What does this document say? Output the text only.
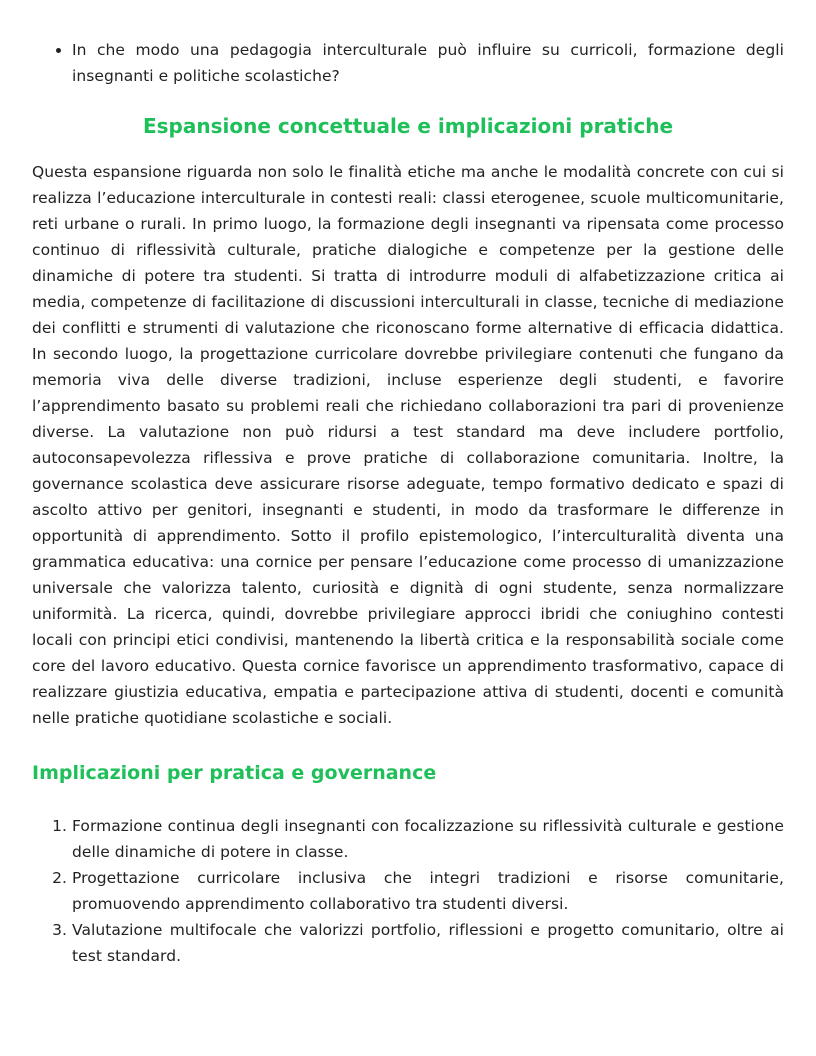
• In che modo una pedagogia interculturale può influire su curricoli, formazione degli insegnanti e politiche scolastiche?
Espansione concettuale e implicazioni pratiche

Questa espansione riguarda non solo le finalità etiche ma anche le modalità concrete con cui si realizza l’educazione interculturale in contesti reali: classi eterogenee, scuole multicomunitarie, reti urbane o rurali. In primo luogo, la formazione degli insegnanti va ripensata come processo continuo di riflessività culturale, pratiche dialogiche e competenze per la gestione delle dinamiche di potere tra studenti. Si tratta di introdurre moduli di alfabetizzazione critica ai media, competenze di facilitazione di discussioni interculturali in classe, tecniche di mediazione dei conflitti e strumenti di valutazione che riconoscano forme alternative di efficacia didattica. In secondo luogo, la progettazione curricolare dovrebbe privilegiare contenuti che fungano da memoria viva delle diverse tradizioni, incluse esperienze degli studenti, e favorire l’apprendimento basato su problemi reali che richiedano collaborazioni tra pari di provenienze diverse. La valutazione non può ridursi a test standard ma deve includere portfolio, autoconsapevolezza riflessiva e prove pratiche di collaborazione comunitaria. Inoltre, la governance scolastica deve assicurare risorse adeguate, tempo formativo dedicato e spazi di ascolto attivo per genitori, insegnanti e studenti, in modo da trasformare le differenze in opportunità di apprendimento. Sotto il profilo epistemologico, l’interculturalità diventa una grammatica educativa: una cornice per pensare l’educazione come processo di umanizzazione universale che valorizza talento, curiosità e dignità di ogni studente, senza normalizzare uniformità. La ricerca, quindi, dovrebbe privilegiare approcci ibridi che coniughino contesti locali con principi etici condivisi, mantenendo la libertà critica e la responsabilità sociale come core del lavoro educativo. Questa cornice favorisce un apprendimento trasformativo, capace di realizzare giustizia educativa, empatia e partecipazione attiva di studenti, docenti e comunità nelle pratiche quotidiane scolastiche e sociali.

Implicazioni per pratica e governance
1. Formazione continua degli insegnanti con focalizzazione su riflessività culturale e gestione delle dinamiche di potere in classe.
2. Progettazione curricolare inclusiva che integri tradizioni e risorse comunitarie, promuovendo apprendimento collaborativo tra studenti diversi.
3. Valutazione multifocale che valorizzi portfolio, riflessioni e progetto comunitario, oltre ai test standard.
